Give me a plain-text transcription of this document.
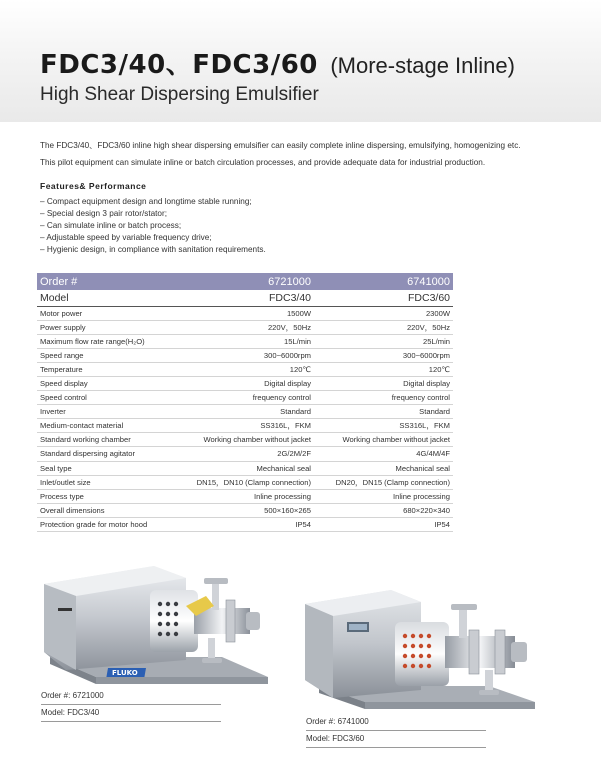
FDC3/40、FDC3/60 (More-stage Inline)
High Shear Dispersing Emulsifier

The FDC3/40、FDC3/60 inline high shear dispersing emulsifier can easily complete inline dispersing, emulsifying, homogenizing etc.

This pilot equipment can simulate inline or batch circulation processes, and provide adequate data for industrial production.

Features& Performance
– Compact equipment design and longtime stable running;
– Special design 3 pair rotor/stator;
– Can simulate inline or batch process;
– Adjustable speed by variable frequency drive;
– Hygienic design, in compliance with sanitation requirements.
Order #	6721000	6741000
Model	FDC3/40	FDC3/60
Motor power	1500W	2300W
Power supply	220V，50Hz	220V，50Hz
Maximum flow rate range(H₂O)	15L/min	25L/min
Speed range	300~6000rpm	300~6000rpm
Temperature	120℃	120℃
Speed display	Digital display	Digital display
Speed control	frequency control	frequency control
Inverter	Standard	Standard
Medium-contact material	SS316L，FKM	SS316L，FKM
Standard working chamber	Working chamber without jacket	Working chamber without jacket
Standard dispersing agitator	2G/2M/2F	4G/4M/4F
Seal type	Mechanical seal	Mechanical seal
Inlet/outlet size	DN15，DN10 (Clamp connection)	DN20，DN15 (Clamp connection)
Process type	Inline processing	Inline processing
Overall dimensions	500×160×265	680×220×340
Protection grade for motor hood	IP54	IP54
FLUKO
Order #: 6721000
Model: FDC3/40
Order #: 6741000
Model: FDC3/60
